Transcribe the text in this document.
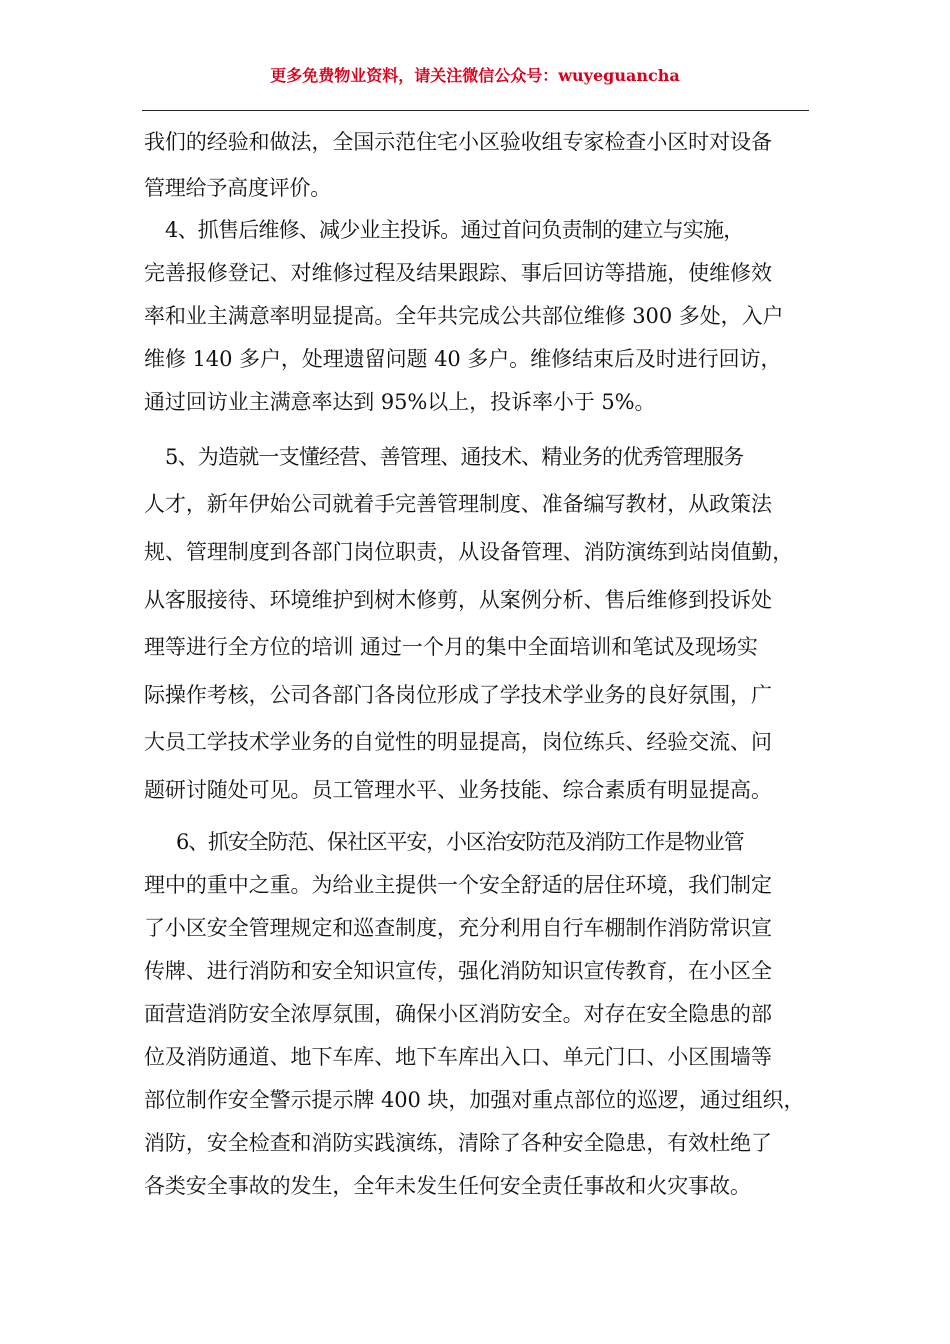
更多免费物业资料，请关注微信公众号：wuyeguancha
我们的经验和做法，全国示范住宅小区验收组专家检查小区时对设备
管理给予高度评价。
4、抓售后维修、减少业主投诉。通过首问负责制的建立与实施，
完善报修登记、对维修过程及结果跟踪、事后回访等措施，使维修效
率和业主满意率明显提高。全年共完成公共部位维修 300 多处，入户
维修 140 多户，处理遗留问题 40 多户。维修结束后及时进行回访，
通过回访业主满意率达到 95%以上，投诉率小于 5%。
5、为造就一支懂经营、善管理、通技术、精业务的优秀管理服务
人才，新年伊始公司就着手完善管理制度、准备编写教材，从政策法
规、管理制度到各部门岗位职责，从设备管理、消防演练到站岗值勤，
从客服接待、环境维护到树木修剪，从案例分析、售后维修到投诉处
理等进行全方位的培训 通过一个月的集中全面培训和笔试及现场实
际操作考核，公司各部门各岗位形成了学技术学业务的良好氛围，广
大员工学技术学业务的自觉性的明显提高，岗位练兵、经验交流、问
题研讨随处可见。员工管理水平、业务技能、综合素质有明显提高。
6、抓安全防范、保社区平安，小区治安防范及消防工作是物业管
理中的重中之重。为给业主提供一个安全舒适的居住环境，我们制定
了小区安全管理规定和巡查制度，充分利用自行车棚制作消防常识宣
传牌、进行消防和安全知识宣传，强化消防知识宣传教育，在小区全
面营造消防安全浓厚氛围，确保小区消防安全。对存在安全隐患的部
位及消防通道、地下车库、地下车库出入口、单元门口、小区围墙等
部位制作安全警示提示牌 400 块，加强对重点部位的巡逻，通过组织，
消防，安全检查和消防实践演练，清除了各种安全隐患，有效杜绝了
各类安全事故的发生，全年未发生任何安全责任事故和火灾事故。
